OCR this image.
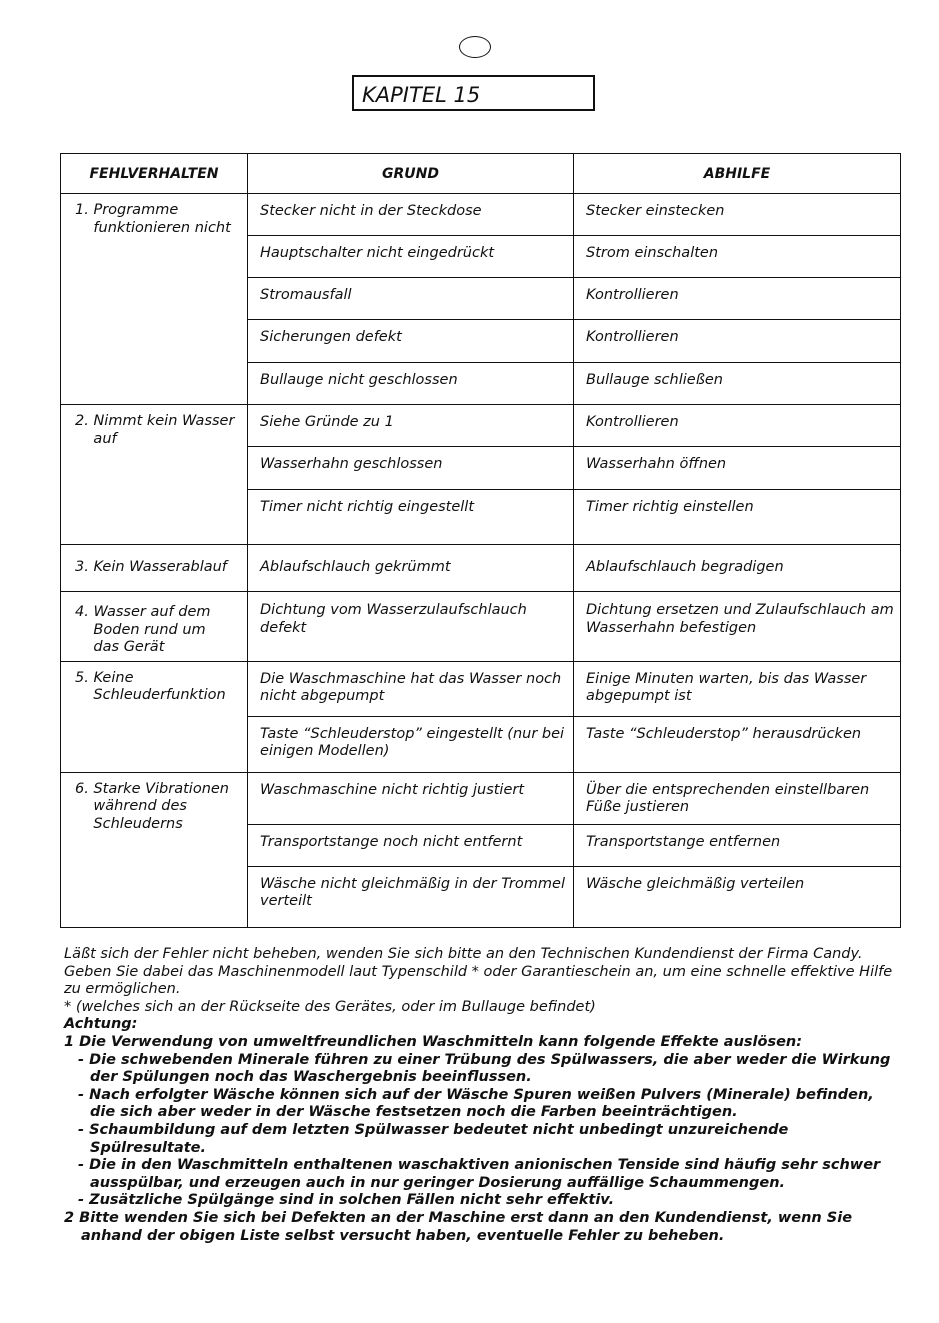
KAPITEL 15
FEHLVERHALTEN	GRUND	ABHILFE

1. Programme
funktionieren nicht	Stecker nicht in der Steckdose	Stecker einstecken
	Hauptschalter nicht eingedrückt	Strom einschalten
	Stromausfall	Kontrollieren
	Sicherungen defekt	Kontrollieren
	Bullauge nicht geschlossen	Bullauge schließen

2. Nimmt kein Wasser
auf	Siehe Gründe zu 1	Kontrollieren
	Wasserhahn geschlossen	Wasserhahn öffnen
	Timer nicht richtig eingestellt	Timer richtig einstellen

3. Kein Wasserablauf	Ablaufschlauch gekrümmt	Ablaufschlauch begradigen

4. Wasser auf dem
Boden rund um
das Gerät	Dichtung vom Wasserzulaufschlauch defekt	Dichtung ersetzen und Zulaufschlauch am Wasserhahn befestigen

5. Keine
Schleuderfunktion	Die Waschmaschine hat das Wasser noch nicht abgepumpt	Einige Minuten warten, bis das Wasser abgepumpt ist
	Taste “Schleuderstop” eingestellt (nur bei einigen Modellen)	Taste “Schleuderstop” herausdrücken

6. Starke Vibrationen
während des
Schleuderns	Waschmaschine nicht richtig justiert	Über die entsprechenden einstellbaren Füße justieren
	Transportstange noch nicht entfernt	Transportstange entfernen
	Wäsche nicht gleichmäßig in der Trommel verteilt	Wäsche gleichmäßig verteilen
Läßt sich der Fehler nicht beheben, wenden Sie sich bitte an den Technischen Kundendienst der Firma Candy. Geben Sie dabei das Maschinenmodell laut Typenschild * oder Garantieschein an, um eine schnelle effektive Hilfe zu ermöglichen.
* (welches sich an der Rückseite des Gerätes, oder im Bullauge befindet)
Achtung:
1 Die Verwendung von umweltfreundlichen Waschmitteln kann folgende Effekte auslösen:
- Die schwebenden Minerale führen zu einer Trübung des Spülwassers, die aber weder die Wirkung der Spülungen noch das Waschergebnis beeinflussen.
- Nach erfolgter Wäsche können sich auf der Wäsche Spuren weißen Pulvers (Minerale) befinden, die sich aber weder in der Wäsche festsetzen noch die Farben beeinträchtigen.
- Schaumbildung auf dem letzten Spülwasser bedeutet nicht unbedingt unzureichende Spülresultate.
- Die in den Waschmitteln enthaltenen waschaktiven anionischen Tenside sind häufig sehr schwer ausspülbar, und erzeugen auch in nur geringer Dosierung auffällige Schaummengen.
- Zusätzliche Spülgänge sind in solchen Fällen nicht sehr effektiv.
2 Bitte wenden Sie sich bei Defekten an der Maschine erst dann an den Kundendienst, wenn Sie anhand der obigen Liste selbst versucht haben, eventuelle Fehler zu beheben.
